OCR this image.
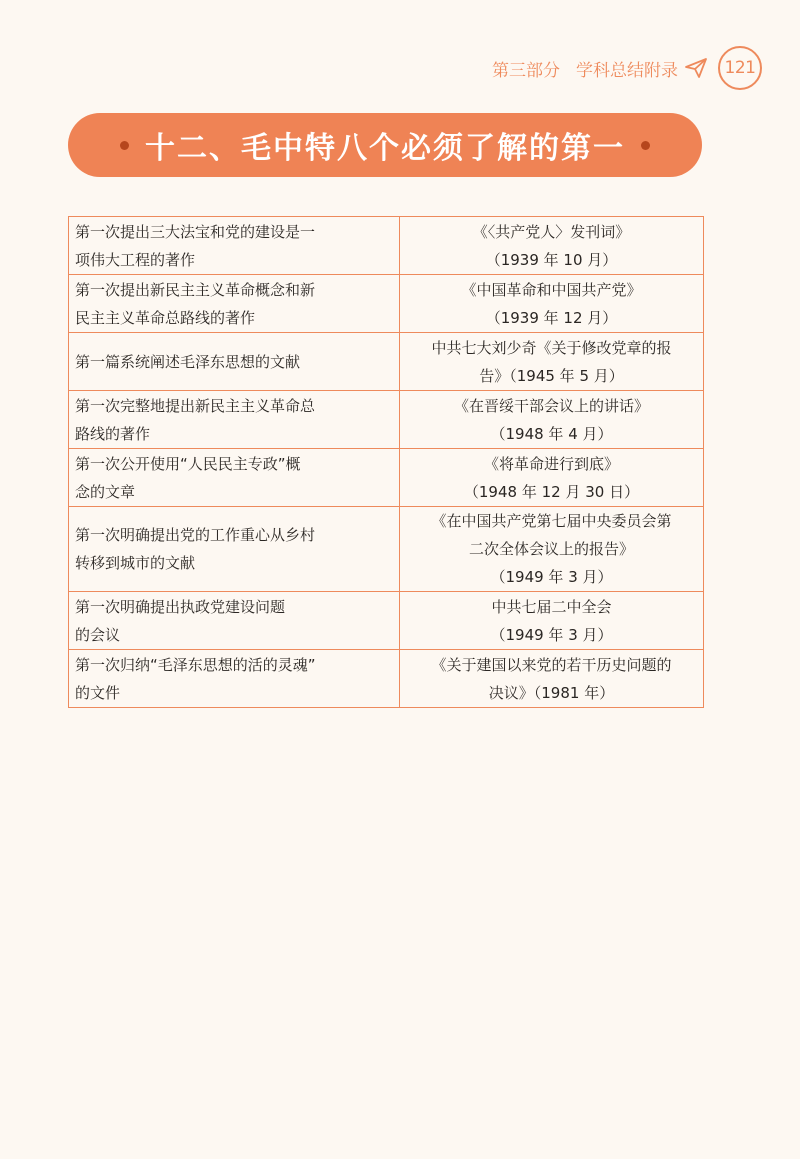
第三部分 学科总结附录	121
十二、毛中特八个必须了解的第一
第一次提出三大法宝和党的建设是一
项伟大工程的著作	《〈共产党人〉发刊词》
（1939 年 10 月）

第一次提出新民主主义革命概念和新
民主主义革命总路线的著作	《中国革命和中国共产党》
（1939 年 12 月）

第一篇系统阐述毛泽东思想的文献	中共七大刘少奇《关于修改党章的报
告》（1945 年 5 月）

第一次完整地提出新民主主义革命总
路线的著作	《在晋绥干部会议上的讲话》
（1948 年 4 月）

第一次公开使用“人民民主专政”概
念的文章	《将革命进行到底》
（1948 年 12 月 30 日）

第一次明确提出党的工作重心从乡村
转移到城市的文献	《在中国共产党第七届中央委员会第
二次全体会议上的报告》
（1949 年 3 月）

第一次明确提出执政党建设问题
的会议	中共七届二中全会
（1949 年 3 月）

第一次归纳“毛泽东思想的活的灵魂”
的文件	《关于建国以来党的若干历史问题的
决议》（1981 年）
